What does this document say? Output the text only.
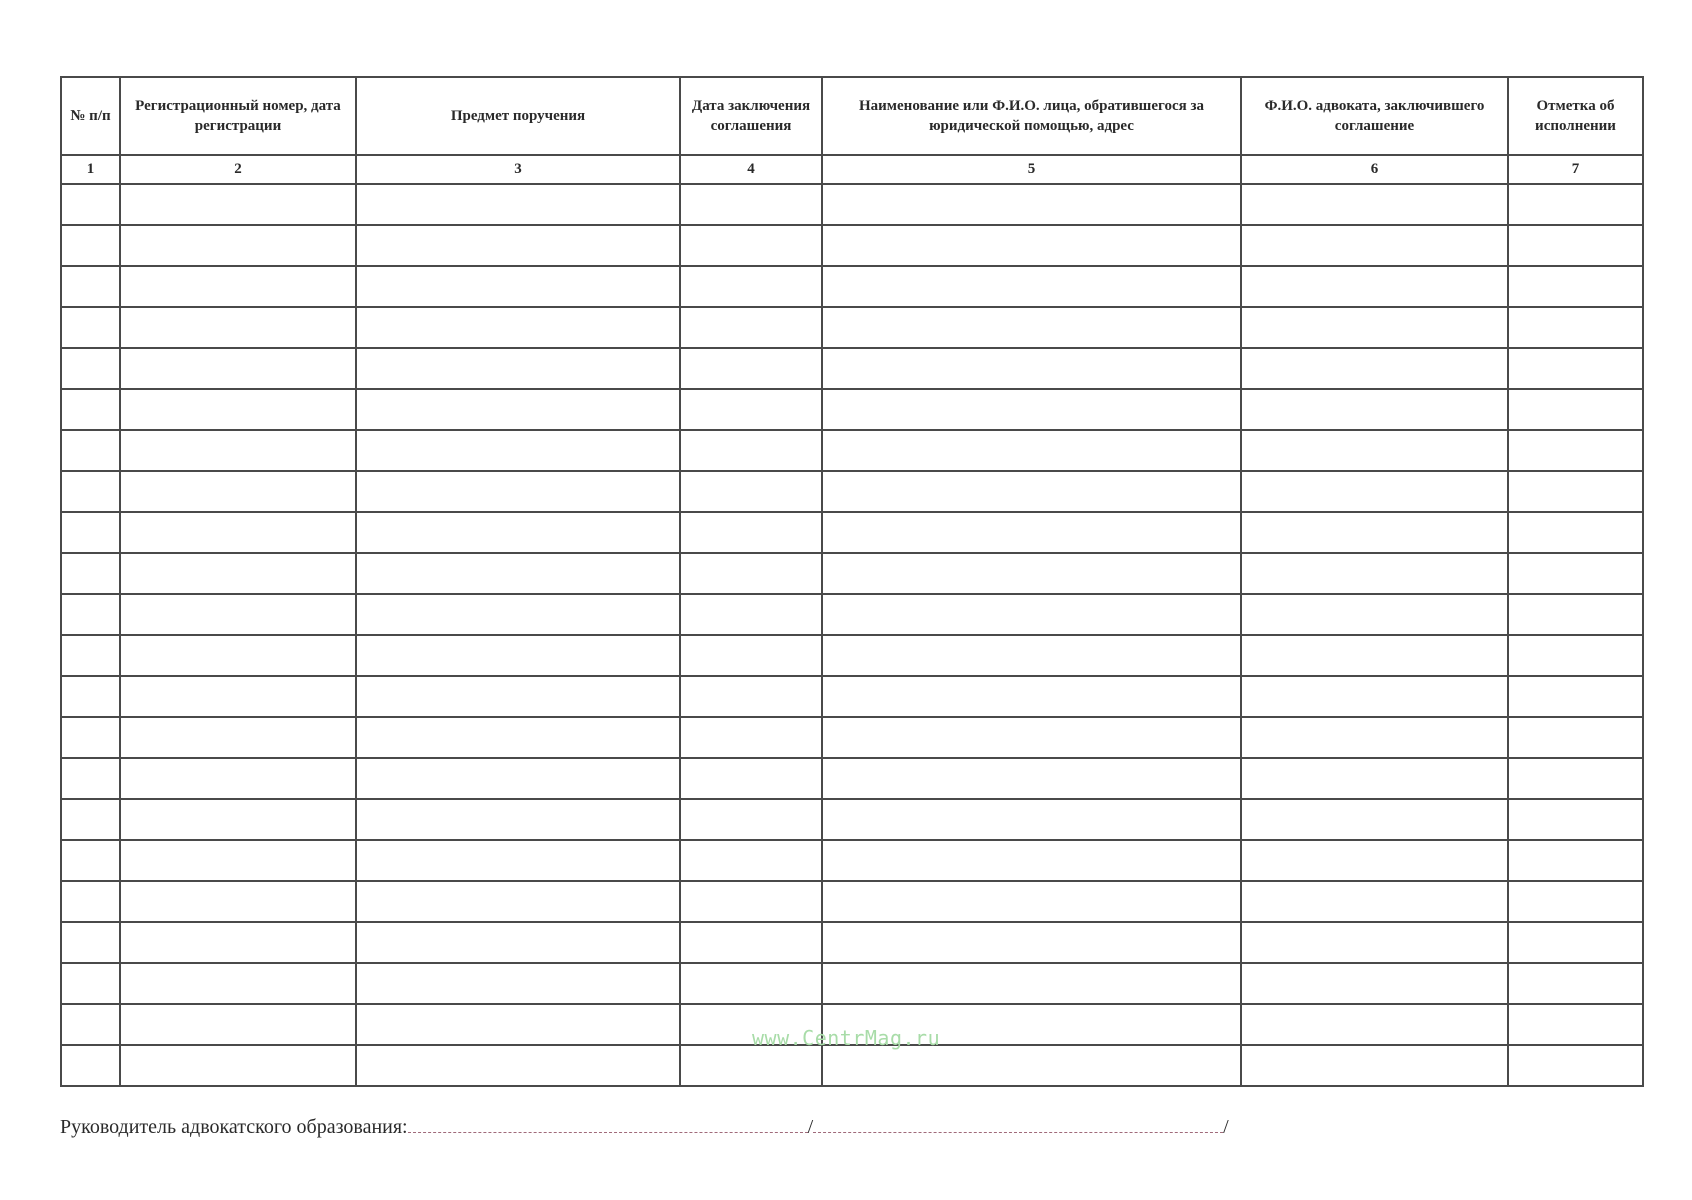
№ п/п	Регистрационный номер, дата регистрации	Предмет поручения	Дата заключения соглашения	Наименование или Ф.И.О. лица, обратившегося за юридической помощью, адрес	Ф.И.О. адвоката, заключившего соглашение	Отметка об исполнении
1	2	3	4	5	6	7

Руководитель адвокатского образования:	/	/
www.CentrMag.ru
